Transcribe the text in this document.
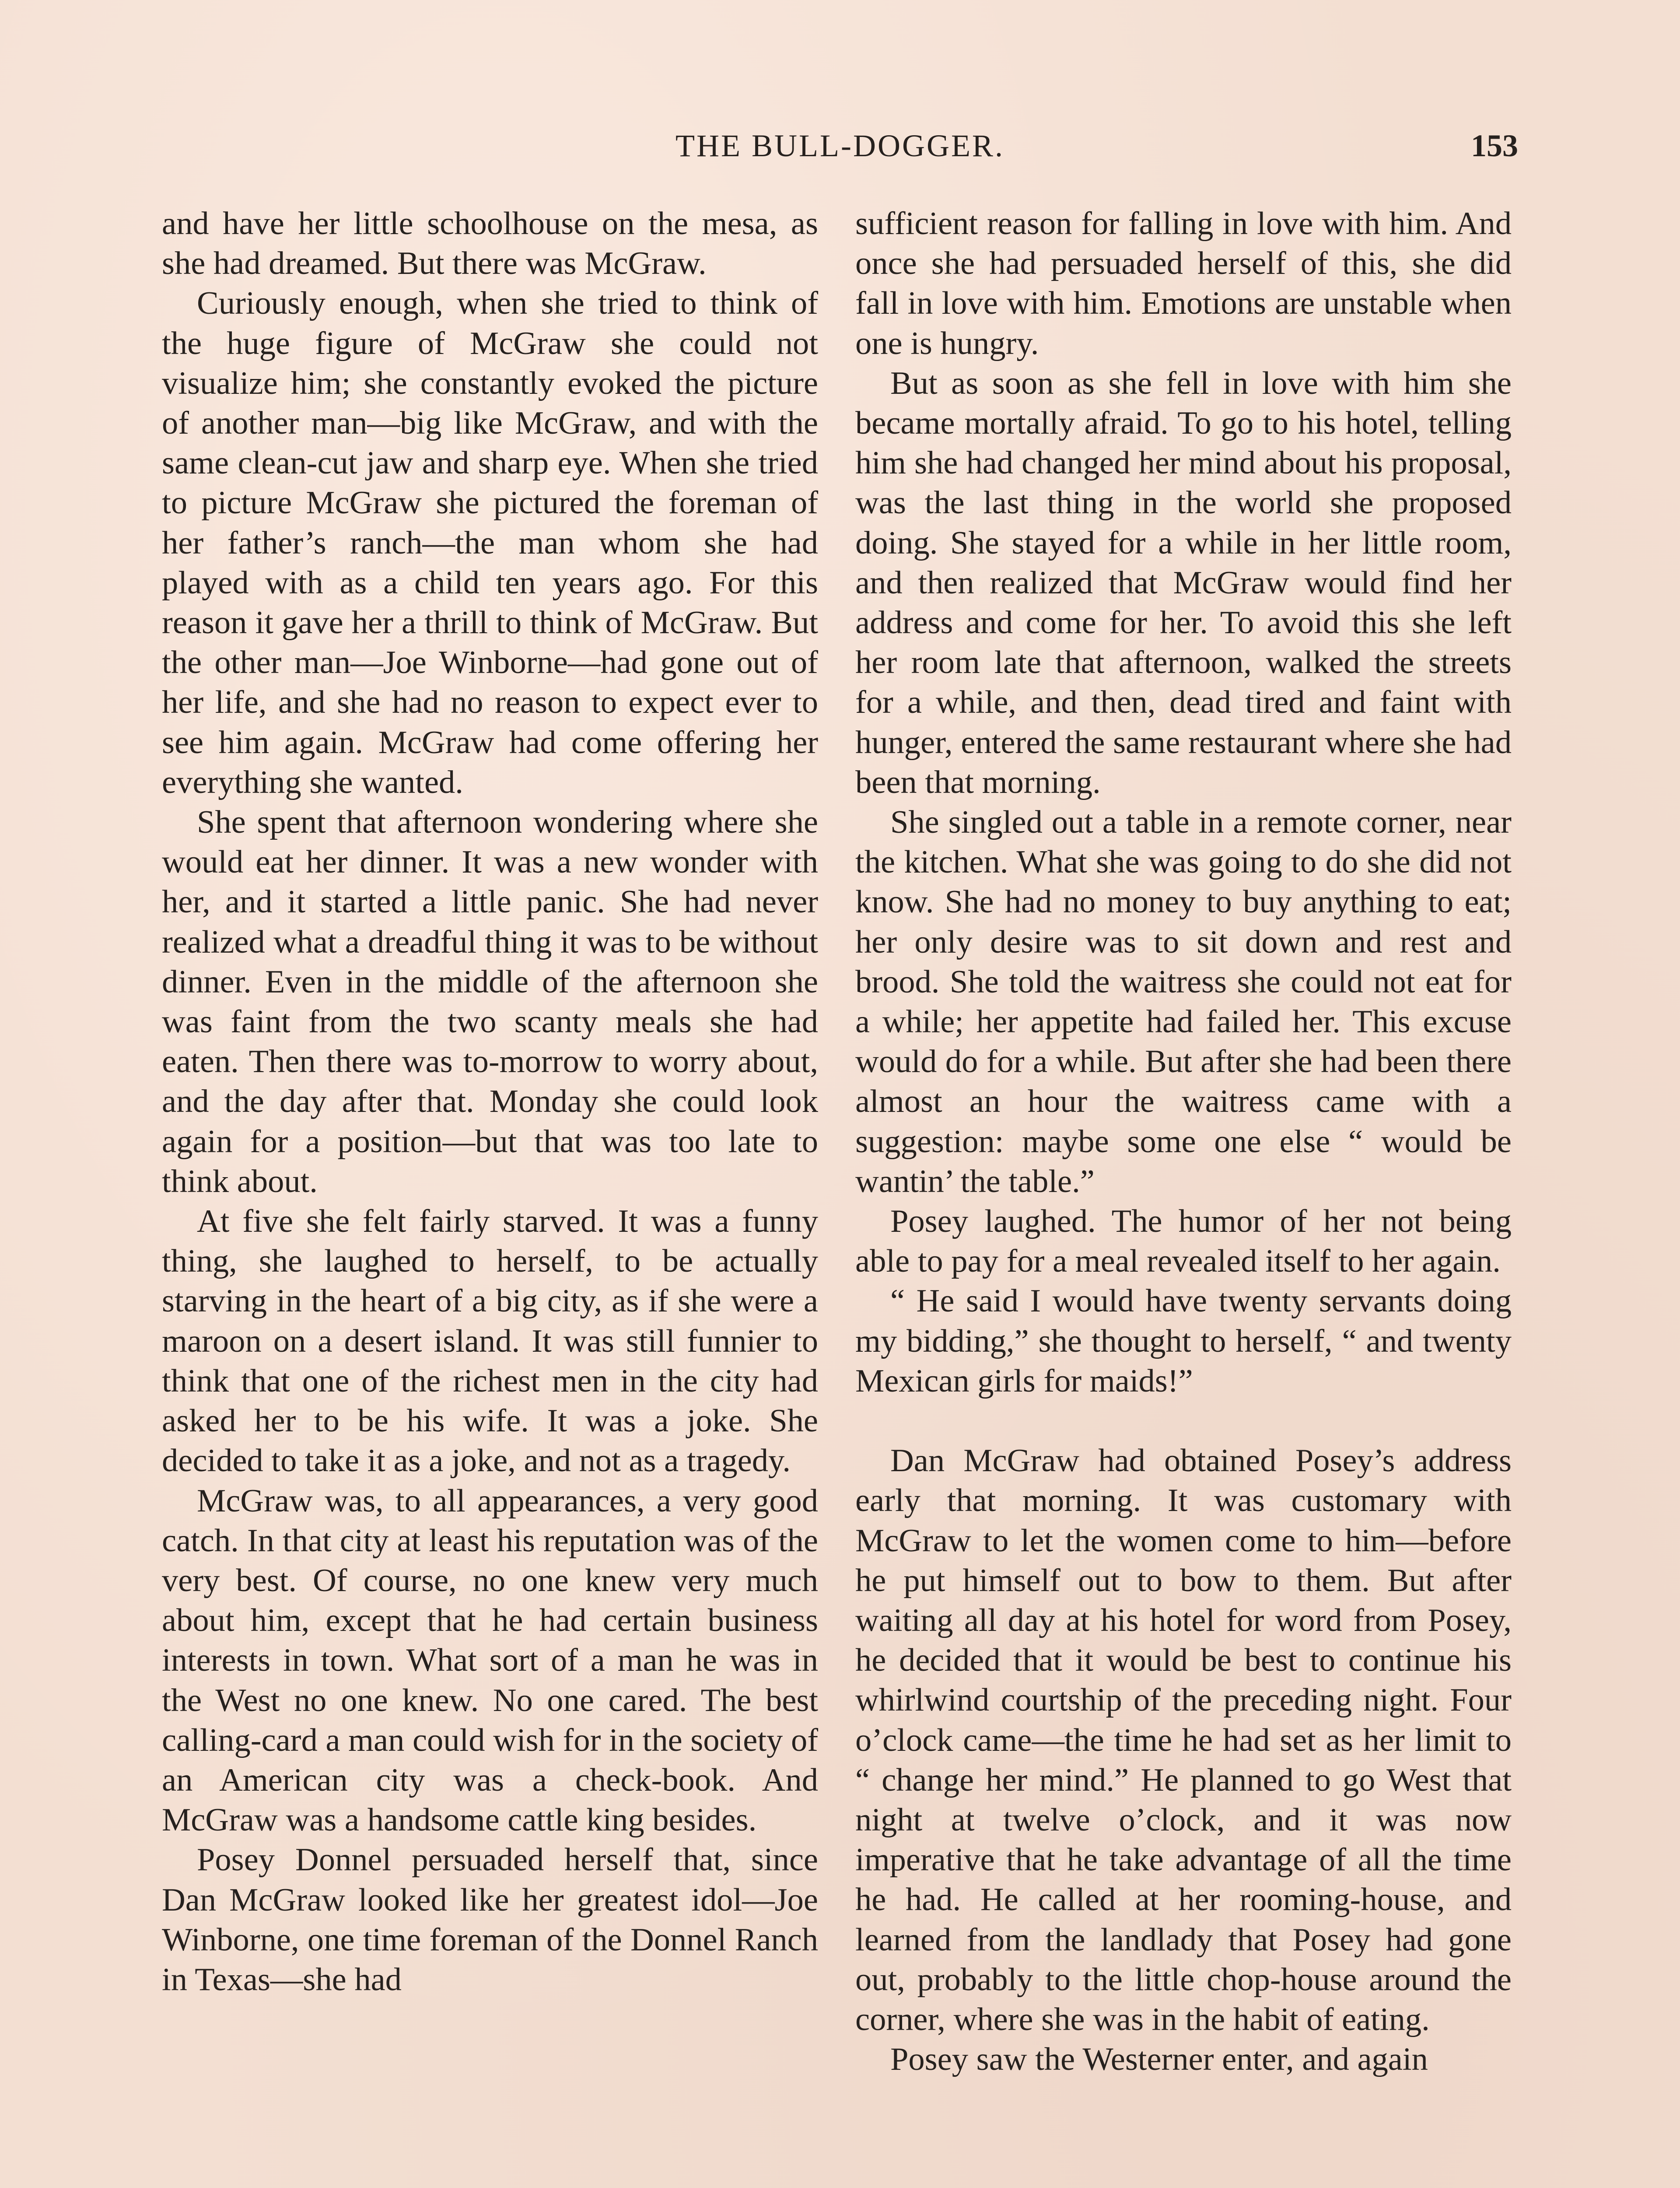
THE BULL-DOGGER.	153

and have her little schoolhouse on the mesa, as she had dreamed. But there was McGraw.

Curiously enough, when she tried to think of the huge figure of McGraw she could not visualize him; she constantly evoked the picture of another man—big like McGraw, and with the same clean-cut jaw and sharp eye. When she tried to picture McGraw she pictured the foreman of her father’s ranch—the man whom she had played with as a child ten years ago. For this reason it gave her a thrill to think of McGraw. But the other man—Joe Winborne—had gone out of her life, and she had no reason to expect ever to see him again. McGraw had come offering her everything she wanted.

She spent that afternoon wondering where she would eat her dinner. It was a new wonder with her, and it started a little panic. She had never realized what a dreadful thing it was to be without dinner. Even in the middle of the afternoon she was faint from the two scanty meals she had eaten. Then there was to-morrow to worry about, and the day after that. Monday she could look again for a position—but that was too late to think about.

At five she felt fairly starved. It was a funny thing, she laughed to herself, to be actually starving in the heart of a big city, as if she were a maroon on a desert island. It was still funnier to think that one of the richest men in the city had asked her to be his wife. It was a joke. She decided to take it as a joke, and not as a tragedy.

McGraw was, to all appearances, a very good catch. In that city at least his reputation was of the very best. Of course, no one knew very much about him, except that he had certain business interests in town. What sort of a man he was in the West no one knew. No one cared. The best calling-card a man could wish for in the society of an American city was a check-book. And McGraw was a handsome cattle king besides.

Posey Donnel persuaded herself that, since Dan McGraw looked like her greatest idol—Joe Winborne, one time foreman of the Donnel Ranch in Texas—she had

sufficient reason for falling in love with him. And once she had persuaded herself of this, she did fall in love with him. Emotions are unstable when one is hungry.

But as soon as she fell in love with him she became mortally afraid. To go to his hotel, telling him she had changed her mind about his proposal, was the last thing in the world she proposed doing. She stayed for a while in her little room, and then realized that McGraw would find her address and come for her. To avoid this she left her room late that afternoon, walked the streets for a while, and then, dead tired and faint with hunger, entered the same restaurant where she had been that morning.

She singled out a table in a remote corner, near the kitchen. What she was going to do she did not know. She had no money to buy anything to eat; her only desire was to sit down and rest and brood. She told the waitress she could not eat for a while; her appetite had failed her. This excuse would do for a while. But after she had been there almost an hour the waitress came with a suggestion: maybe some one else “ would be wantin’ the table.”

Posey laughed. The humor of her not being able to pay for a meal revealed itself to her again.

“ He said I would have twenty servants doing my bidding,” she thought to herself, “ and twenty Mexican girls for maids!”

Dan McGraw had obtained Posey’s address early that morning. It was customary with McGraw to let the women come to him—before he put himself out to bow to them. But after waiting all day at his hotel for word from Posey, he decided that it would be best to continue his whirlwind courtship of the preceding night. Four o’clock came—the time he had set as her limit to “ change her mind.” He planned to go West that night at twelve o’clock, and it was now imperative that he take advantage of all the time he had. He called at her rooming-house, and learned from the landlady that Posey had gone out, probably to the little chop-house around the corner, where she was in the habit of eating.

Posey saw the Westerner enter, and again
